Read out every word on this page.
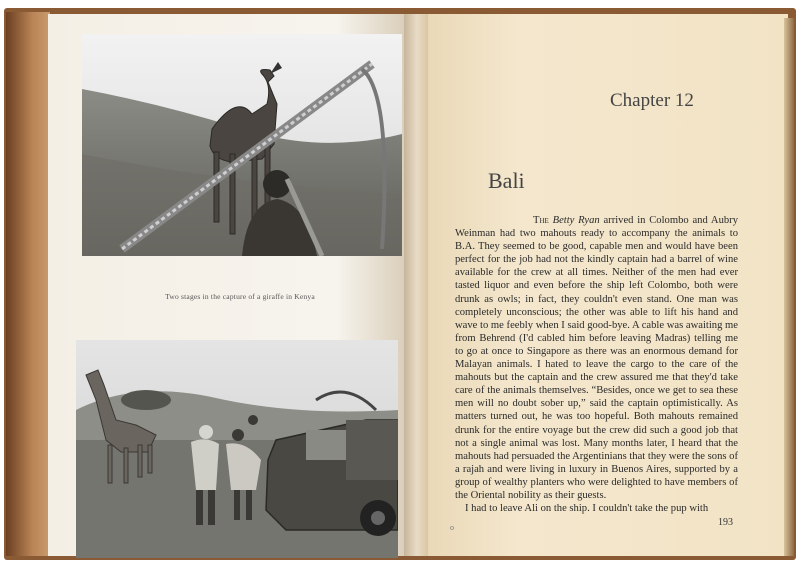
Two stages in the capture of a giraffe in Kenya
Chapter 12
Bali

The Betty Ryan arrived in Colombo and Aubry Weinman had two mahouts ready to accompany the animals to B.A. They seemed to be good, capable men and would have been perfect for the job had not the kindly captain had a barrel of wine available for the crew at all times. Neither of the men had ever tasted liquor and even before the ship left Colombo, both were drunk as owls; in fact, they couldn't even stand. One man was completely unconscious; the other was able to lift his hand and wave to me feebly when I said good-bye. A cable was awaiting me from Behrend (I'd cabled him before leaving Madras) telling me to go at once to Singapore as there was an enormous demand for Malayan animals. I hated to leave the cargo to the care of the mahouts but the captain and the crew assured me that they'd take care of the animals themselves. “Besides, once we get to sea these men will no doubt sober up,” said the captain optimistically. As matters turned out, he was too hopeful. Both mahouts remained drunk for the entire voyage but the crew did such a good job that not a single animal was lost. Many months later, I heard that the mahouts had persuaded the Argentinians that they were the sons of a rajah and were living in luxury in Buenos Aires, supported by a group of wealthy planters who were delighted to have members of the Oriental nobility as their guests.

I had to leave Ali on the ship. I couldn't take the pup with

o	193
